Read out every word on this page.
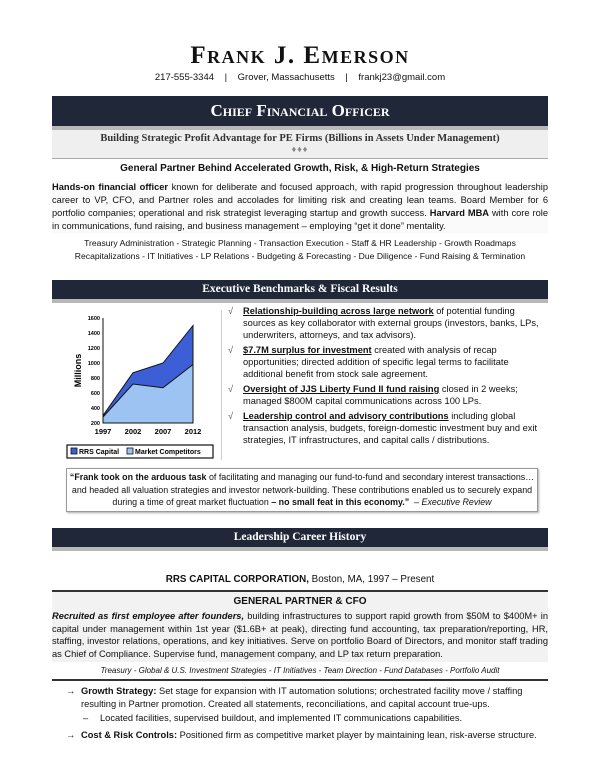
Frank J. Emerson
217-555-3344 | Grover, Massachusetts | frankj23@gmail.com
Chief Financial Officer
Building Strategic Profit Advantage for PE Firms (Billions in Assets Under Management)
♦♦♦
General Partner Behind Accelerated Growth, Risk, & High-Return Strategies
Hands-on financial officer known for deliberate and focused approach, with rapid progression throughout leadership career to VP, CFO, and Partner roles and accolades for limiting risk and creating lean teams. Board Member for 6 portfolio companies; operational and risk strategist leveraging startup and growth success. Harvard MBA with core role in communications, fund raising, and business management – employing “get it done” mentality.
Treasury Administration - Strategic Planning - Transaction Execution - Staff & HR Leadership - Growth Roadmaps
Recapitalizations - IT Initiatives - LP Relations - Budgeting & Forecasting - Due Diligence - Fund Raising & Termination
Executive Benchmarks & Fiscal Results
200
400
600
800
1000
1200
1400
1600
1997 2002 2007 2012
Millions
RRS Capital Market Competitors
√ Relationship-building across large network of potential funding sources as key collaborator with external groups (investors, banks, LPs, underwriters, attorneys, and tax advisors).
√ $7.7M surplus for investment created with analysis of recap opportunities; directed addition of specific legal terms to facilitate additional benefit from stock sale agreement.
√ Oversight of JJS Liberty Fund II fund raising closed in 2 weeks; managed $800M capital communications across 100 LPs.
√ Leadership control and advisory contributions including global transaction analysis, budgets, foreign-domestic investment buy and exit strategies, IT infrastructures, and capital calls / distributions.
“Frank took on the arduous task of facilitating and managing our fund-to-fund and secondary interest transactions… and headed all valuation strategies and investor network-building. These contributions enabled us to securely expand during a time of great market fluctuation – no small feat in this economy.” – Executive Review
Leadership Career History
RRS CAPITAL CORPORATION, Boston, MA, 1997 – Present
GENERAL PARTNER & CFO
Recruited as first employee after founders, building infrastructures to support rapid growth from $50M to $400M+ in capital under management within 1st year ($1.6B+ at peak), directing fund accounting, tax preparation/reporting, HR, staffing, investor relations, operations, and key initiatives. Serve on portfolio Board of Directors, and monitor staff trading as Chief of Compliance. Supervise fund, management company, and LP tax return preparation.
Treasury - Global & U.S. Investment Strategies - IT Initiatives - Team Direction - Fund Databases - Portfolio Audit
→ Growth Strategy: Set stage for expansion with IT automation solutions; orchestrated facility move / staffing resulting in Partner promotion. Created all statements, reconciliations, and capital account true-ups.
–	Located facilities, supervised buildout, and implemented IT communications capabilities.
→ Cost & Risk Controls: Positioned firm as competitive market player by maintaining lean, risk-averse structure.
